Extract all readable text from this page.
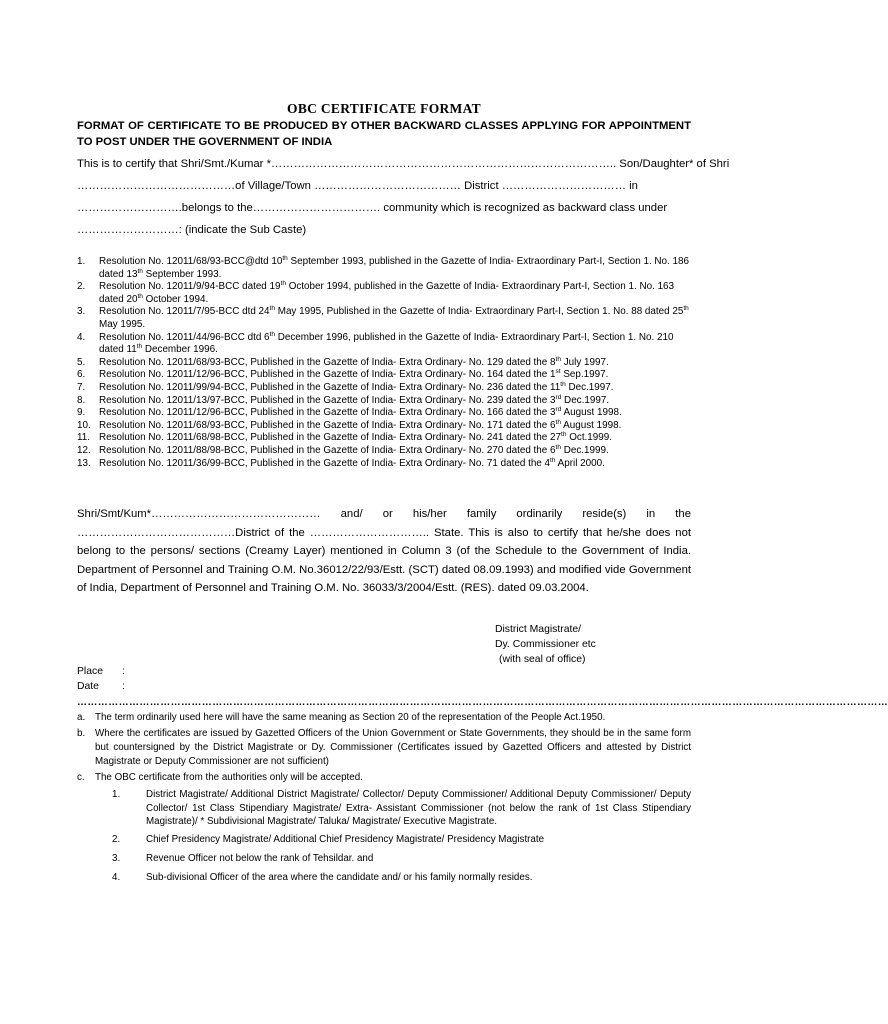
OBC CERTIFICATE FORMAT
FORMAT OF CERTIFICATE TO BE PRODUCED BY OTHER BACKWARD CLASSES APPLYING FOR APPOINTMENT TO POST UNDER THE GOVERNMENT OF INDIA
This is to certify that Shri/Smt./Kumar *……………………………………………………………………………….. Son/Daughter* of Shri
……………………………………of Village/Town ………………………………… District …………………………… in
……………………….belongs to the……………………………. community which is recognized as backward class under
………………………: (indicate the Sub Caste)
1. Resolution No. 12011/68/93-BCC@dtd 10th September 1993, published in the Gazette of India- Extraordinary Part-I, Section 1. No. 186 dated 13th September 1993.
2. Resolution No. 12011/9/94-BCC dated 19th October 1994, published in the Gazette of India- Extraordinary Part-I, Section 1. No. 163 dated 20th October 1994.
3. Resolution No. 12011/7/95-BCC dtd 24th May 1995, Published in the Gazette of India- Extraordinary Part-I, Section 1. No. 88 dated 25th May 1995.
4. Resolution No. 12011/44/96-BCC dtd 6th December 1996, published in the Gazette of India- Extraordinary Part-I, Section 1. No. 210 dated 11th December 1996.
5. Resolution No. 12011/68/93-BCC, Published in the Gazette of India- Extra Ordinary- No. 129 dated the 8th July 1997.
6. Resolution No. 12011/12/96-BCC, Published in the Gazette of India- Extra Ordinary- No. 164 dated the 1st Sep.1997.
7. Resolution No. 12011/99/94-BCC, Published in the Gazette of India- Extra Ordinary- No. 236 dated the 11th Dec.1997.
8. Resolution No. 12011/13/97-BCC, Published in the Gazette of India- Extra Ordinary- No. 239 dated the 3rd Dec.1997.
9. Resolution No. 12011/12/96-BCC, Published in the Gazette of India- Extra Ordinary- No. 166 dated the 3rd August 1998.
10. Resolution No. 12011/68/93-BCC, Published in the Gazette of India- Extra Ordinary- No. 171 dated the 6th August 1998.
11. Resolution No. 12011/68/98-BCC, Published in the Gazette of India- Extra Ordinary- No. 241 dated the 27th Oct.1999.
12. Resolution No. 12011/88/98-BCC, Published in the Gazette of India- Extra Ordinary- No. 270 dated the 6th Dec.1999.
13. Resolution No. 12011/36/99-BCC, Published in the Gazette of India- Extra Ordinary- No. 71 dated the 4th April 2000.
Shri/Smt/Kum*……………………………………… and/ or his/her family ordinarily reside(s) in the
……………………………………District of the ………………………….. State. This is also to certify that he/she does not belong to the persons/ sections (Creamy Layer) mentioned in Column 3 (of the Schedule to the Government of India. Department of Personnel and Training O.M. No.36012/22/93/Estt. (SCT) dated 08.09.1993) and modified vide Government of India, Department of Personnel and Training O.M. No. 36033/3/2004/Estt. (RES). dated 09.03.2004.
District Magistrate/
Dy. Commissioner etc
(with seal of office)
Place :
Date :
………………………………………………………………………………………………………………………………………………………………………………………………………………
a. The term ordinarily used here will have the same meaning as Section 20 of the representation of the People Act.1950.
b. Where the certificates are issued by Gazetted Officers of the Union Government or State Governments, they should be in the same form but countersigned by the District Magistrate or Dy. Commissioner (Certificates issued by Gazetted Officers and attested by District Magistrate or Deputy Commissioner are not sufficient)
c. The OBC certificate from the authorities only will be accepted.
1.	District Magistrate/ Additional District Magistrate/ Collector/ Deputy Commissioner/ Additional Deputy Commissioner/ Deputy Collector/ 1st Class Stipendiary Magistrate/ Extra- Assistant Commissioner (not below the rank of 1st Class Stipendiary Magistrate)/ * Subdivisional Magistrate/ Taluka/ Magistrate/ Executive Magistrate.
2.	Chief Presidency Magistrate/ Additional Chief Presidency Magistrate/ Presidency Magistrate
3.	Revenue Officer not below the rank of Tehsildar. and
4.	Sub-divisional Officer of the area where the candidate and/ or his family normally resides.
